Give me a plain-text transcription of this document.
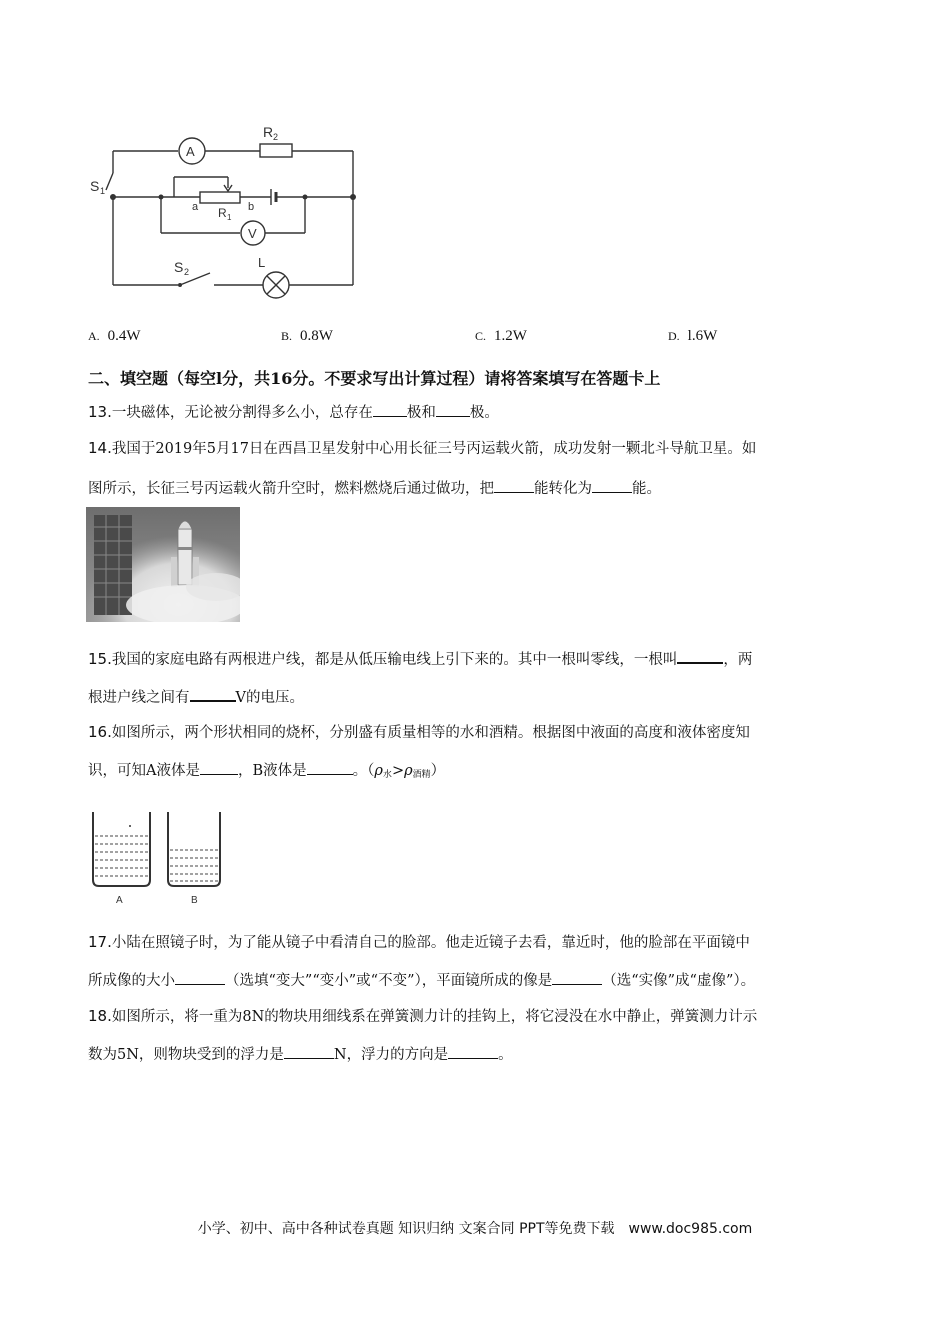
A
V
R 2
S 1
a	b
R 1
S 2
L
A. 0.4W	B. 0.8W	C. 1.2W	D. l.6W
二、填空题（每空l分，共16分。不要求写出计算过程）请将答案填写在答题卡上
13.一块磁体，无论被分割得多么小，总存在 极和 极。
14.我国于2019年5月17日在西昌卫星发射中心用长征三号丙运载火箭，成功发射一颗北斗导航卫星。如
图所示，长征三号丙运载火箭升空时，燃料燃烧后通过做功，把	能转化为	能。
15.我国的家庭电路有两根进户线，都是从低压输电线上引下来的。其中一根叫零线，一根叫	，两
根进户线之间有	V的电压。
16.如图所示，两个形状相同的烧杯，分别盛有质量相等的水和酒精。根据图中液面的高度和液体密度知
识，可知A液体是	，B液体是	。$(\rho_水>\rho_{酒精})$
A	B
17.小陆在照镜子时，为了能从镜子中看清自己的脸部。他走近镜子去看，靠近时，他的脸部在平面镜中
所成像的大小	（选填“变大”“变小”或“不变”），平面镜所成的像是	（选“实像”成“虚像”）。
18.如图所示，将一重为8N的物块用细线系在弹簧测力计的挂钩上，将它浸没在水中静止，弹簧测力计示
数为5N，则物块受到的浮力是	N，浮力的方向是	。
小学、初中、高中各种试卷真题 知识归纳 文案合同 PPT等免费下载　www.doc985.com
